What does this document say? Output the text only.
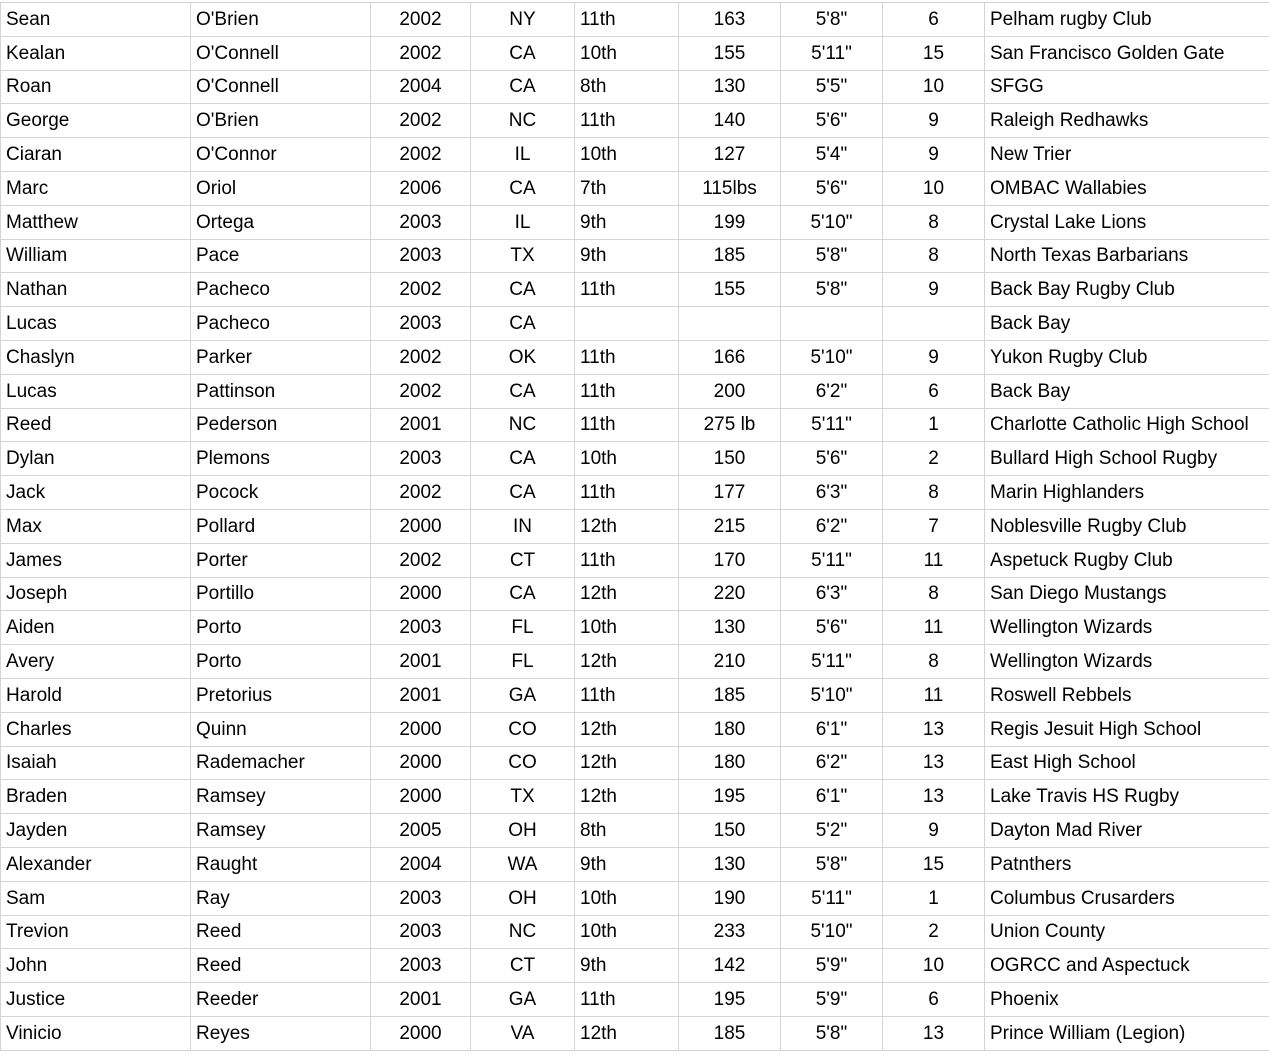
Sean	O'Brien	2002	NY	11th	163	5'8"	6	Pelham rugby Club
Kealan	O'Connell	2002	CA	10th	155	5'11"	15	San Francisco Golden Gate
Roan	O'Connell	2004	CA	8th	130	5'5"	10	SFGG
George	O'Brien	2002	NC	11th	140	5'6"	9	Raleigh Redhawks
Ciaran	O'Connor	2002	IL	10th	127	5'4"	9	New Trier
Marc	Oriol	2006	CA	7th	115lbs	5'6"	10	OMBAC Wallabies
Matthew	Ortega	2003	IL	9th	199	5'10"	8	Crystal Lake Lions
William	Pace	2003	TX	9th	185	5'8"	8	North Texas Barbarians
Nathan	Pacheco	2002	CA	11th	155	5'8"	9	Back Bay Rugby Club
Lucas	Pacheco	2003	CA					Back Bay
Chaslyn	Parker	2002	OK	11th	166	5'10"	9	Yukon Rugby Club
Lucas	Pattinson	2002	CA	11th	200	6'2"	6	Back Bay
Reed	Pederson	2001	NC	11th	275 lb	5'11"	1	Charlotte Catholic High School
Dylan	Plemons	2003	CA	10th	150	5'6"	2	Bullard High School Rugby
Jack	Pocock	2002	CA	11th	177	6'3"	8	Marin Highlanders
Max	Pollard	2000	IN	12th	215	6'2"	7	Noblesville Rugby Club
James	Porter	2002	CT	11th	170	5'11"	11	Aspetuck Rugby Club
Joseph	Portillo	2000	CA	12th	220	6'3"	8	San Diego Mustangs
Aiden	Porto	2003	FL	10th	130	5'6"	11	Wellington Wizards
Avery	Porto	2001	FL	12th	210	5'11"	8	Wellington Wizards
Harold	Pretorius	2001	GA	11th	185	5'10"	11	Roswell Rebbels
Charles	Quinn	2000	CO	12th	180	6'1"	13	Regis Jesuit High School
Isaiah	Rademacher	2000	CO	12th	180	6'2"	13	East High School
Braden	Ramsey	2000	TX	12th	195	6'1"	13	Lake Travis HS Rugby
Jayden	Ramsey	2005	OH	8th	150	5'2"	9	Dayton Mad River
Alexander	Raught	2004	WA	9th	130	5'8"	15	Patnthers
Sam	Ray	2003	OH	10th	190	5'11"	1	Columbus Crusarders
Trevion	Reed	2003	NC	10th	233	5'10"	2	Union County
John	Reed	2003	CT	9th	142	5'9"	10	OGRCC and Aspectuck
Justice	Reeder	2001	GA	11th	195	5'9"	6	Phoenix
Vinicio	Reyes	2000	VA	12th	185	5'8"	13	Prince William (Legion)
